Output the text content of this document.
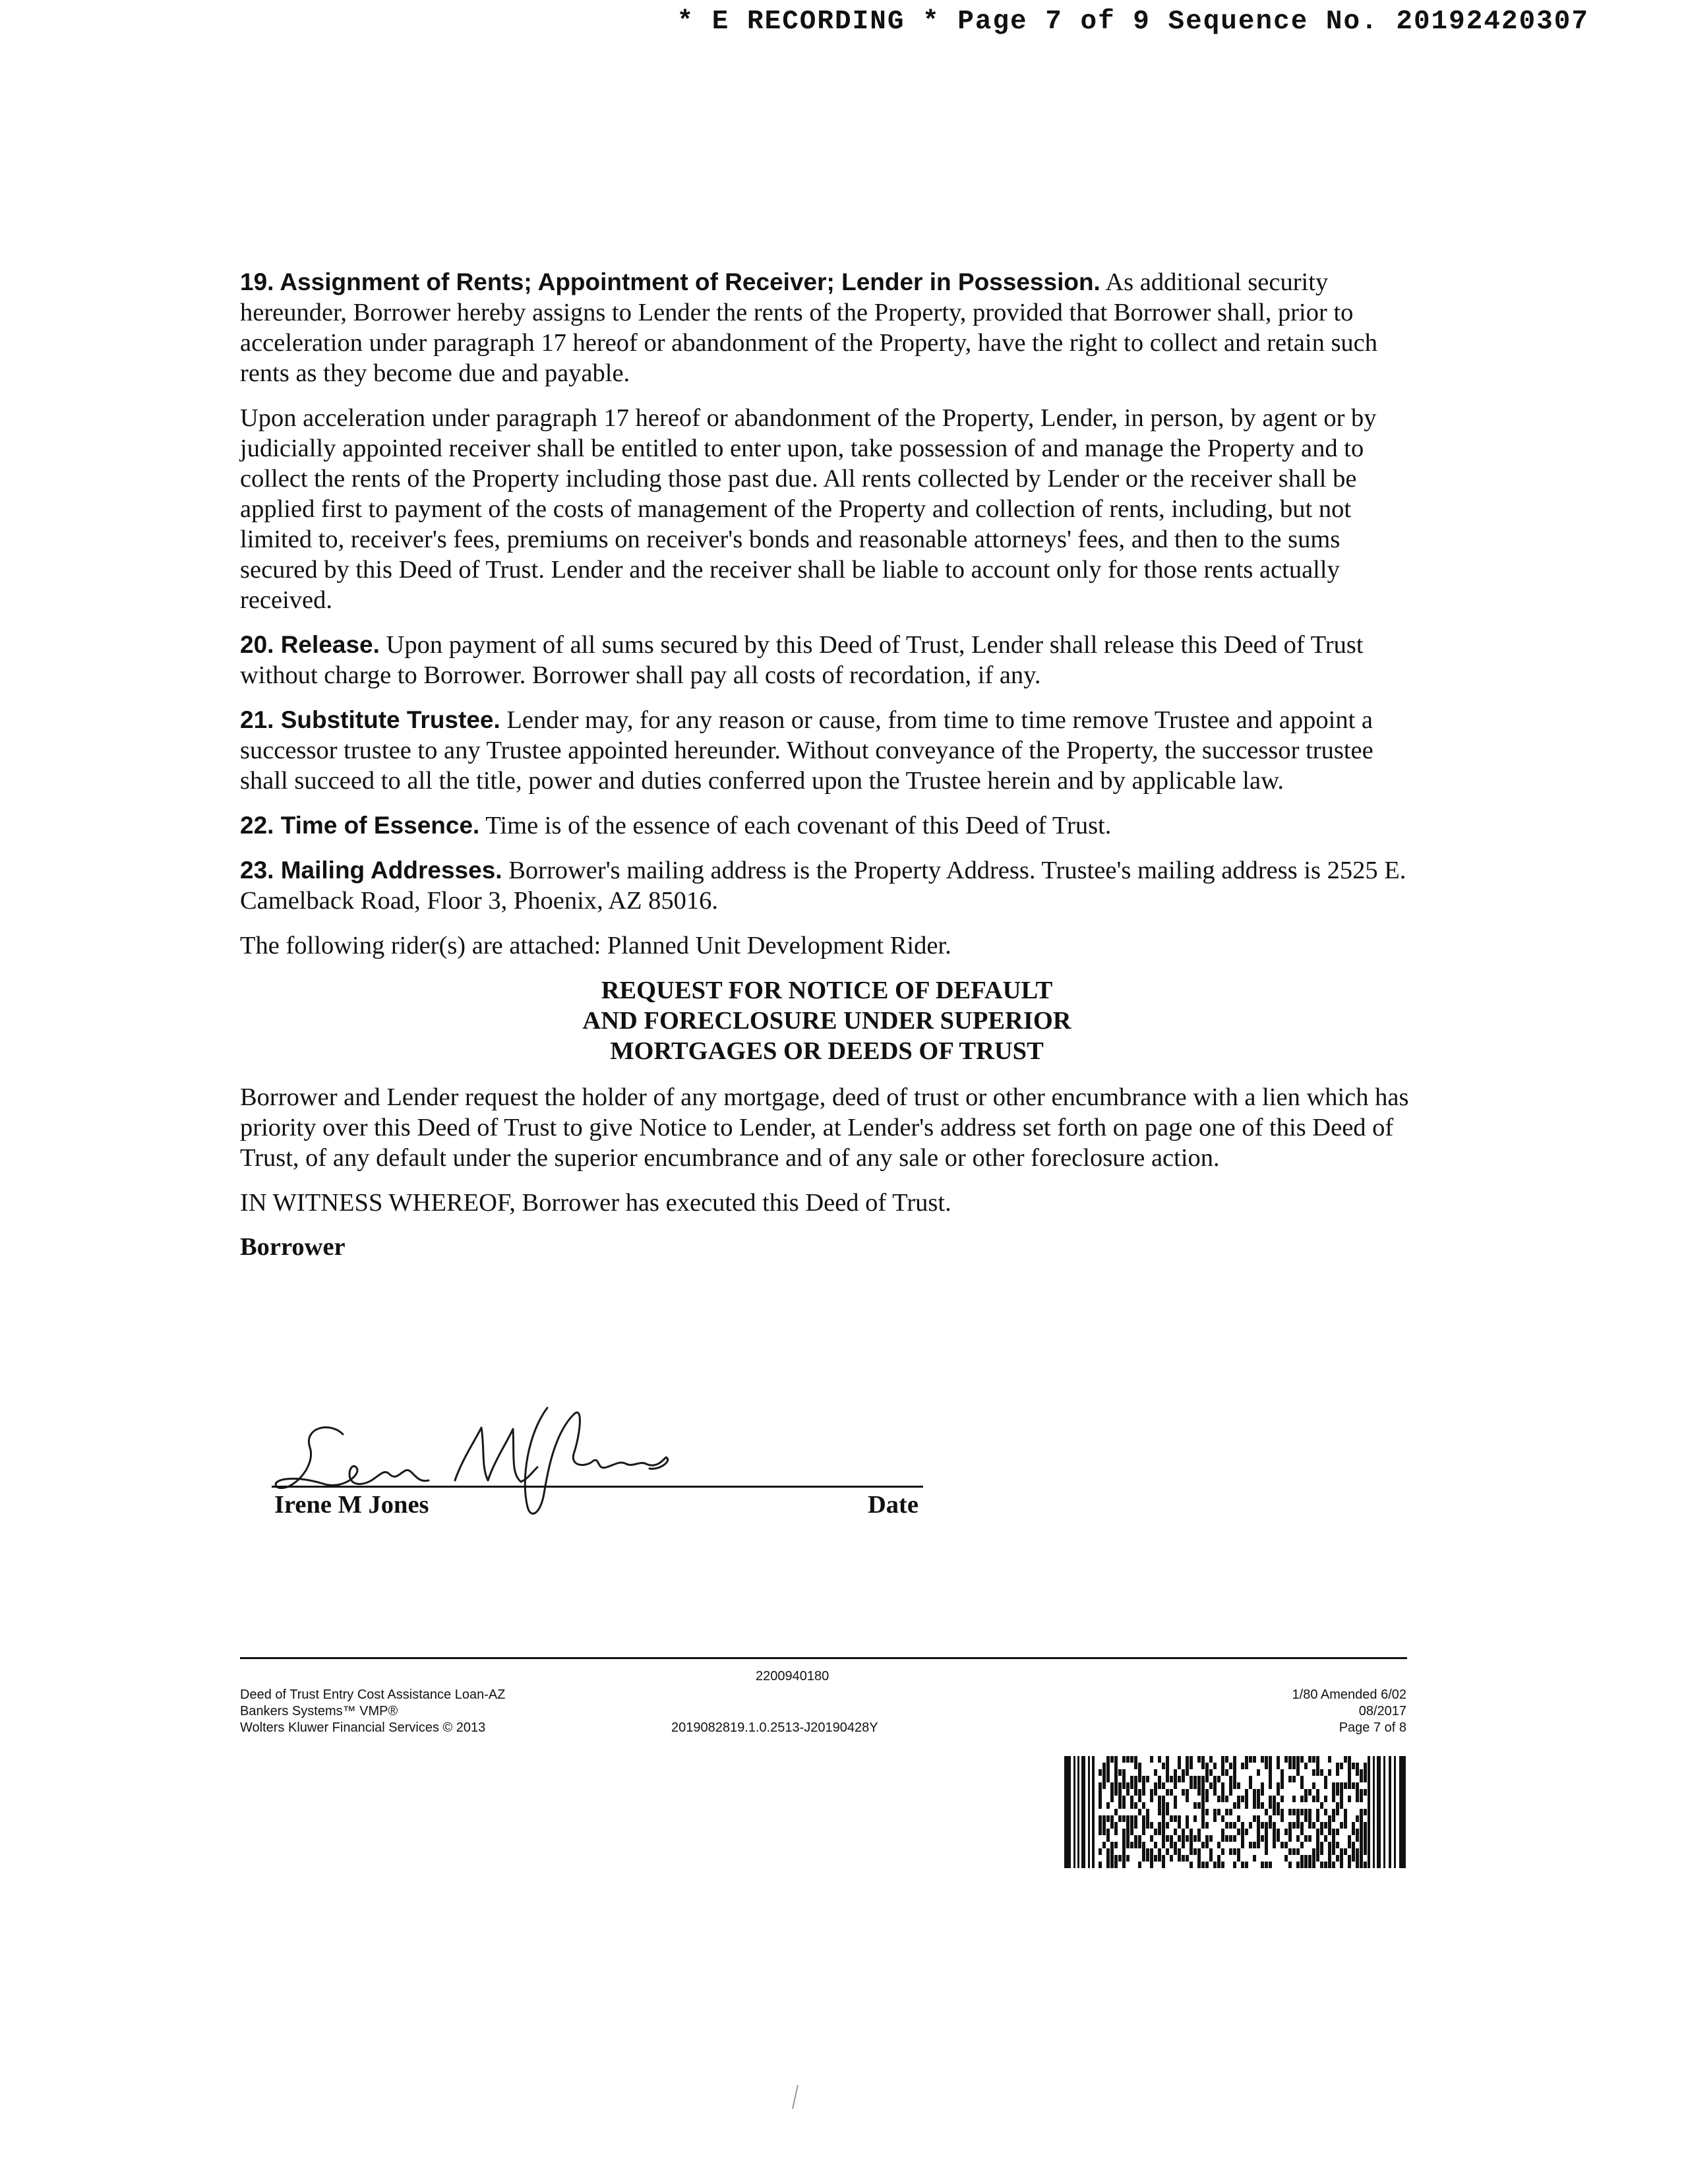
* E RECORDING * Page 7 of 9 Sequence No. 20192420307

19. Assignment of Rents; Appointment of Receiver; Lender in Possession. As additional security hereunder, Borrower hereby assigns to Lender the rents of the Property, provided that Borrower shall, prior to acceleration under paragraph 17 hereof or abandonment of the Property, have the right to collect and retain such rents as they become due and payable.

Upon acceleration under paragraph 17 hereof or abandonment of the Property, Lender, in person, by agent or by judicially appointed receiver shall be entitled to enter upon, take possession of and manage the Property and to collect the rents of the Property including those past due. All rents collected by Lender or the receiver shall be applied first to payment of the costs of management of the Property and collection of rents, including, but not limited to, receiver's fees, premiums on receiver's bonds and reasonable attorneys' fees, and then to the sums secured by this Deed of Trust. Lender and the receiver shall be liable to account only for those rents actually received.

20. Release. Upon payment of all sums secured by this Deed of Trust, Lender shall release this Deed of Trust without charge to Borrower. Borrower shall pay all costs of recordation, if any.

21. Substitute Trustee. Lender may, for any reason or cause, from time to time remove Trustee and appoint a successor trustee to any Trustee appointed hereunder. Without conveyance of the Property, the successor trustee shall succeed to all the title, power and duties conferred upon the Trustee herein and by applicable law.

22. Time of Essence. Time is of the essence of each covenant of this Deed of Trust.

23. Mailing Addresses. Borrower's mailing address is the Property Address. Trustee's mailing address is 2525 E. Camelback Road, Floor 3, Phoenix, AZ 85016.

The following rider(s) are attached: Planned Unit Development Rider.

REQUEST FOR NOTICE OF DEFAULT
AND FORECLOSURE UNDER SUPERIOR
MORTGAGES OR DEEDS OF TRUST

Borrower and Lender request the holder of any mortgage, deed of trust or other encumbrance with a lien which has priority over this Deed of Trust to give Notice to Lender, at Lender's address set forth on page one of this Deed of Trust, of any default under the superior encumbrance and of any sale or other foreclosure action.

IN WITNESS WHEREOF, Borrower has executed this Deed of Trust.

Borrower
Irene M Jones	Date
Deed of Trust Entry Cost Assistance Loan-AZ
Bankers Systems™ VMP®
Wolters Kluwer Financial Services © 2013
2200940180
2019082819.1.0.2513-J20190428Y
1/80 Amended 6/02
08/2017
Page 7 of 8
